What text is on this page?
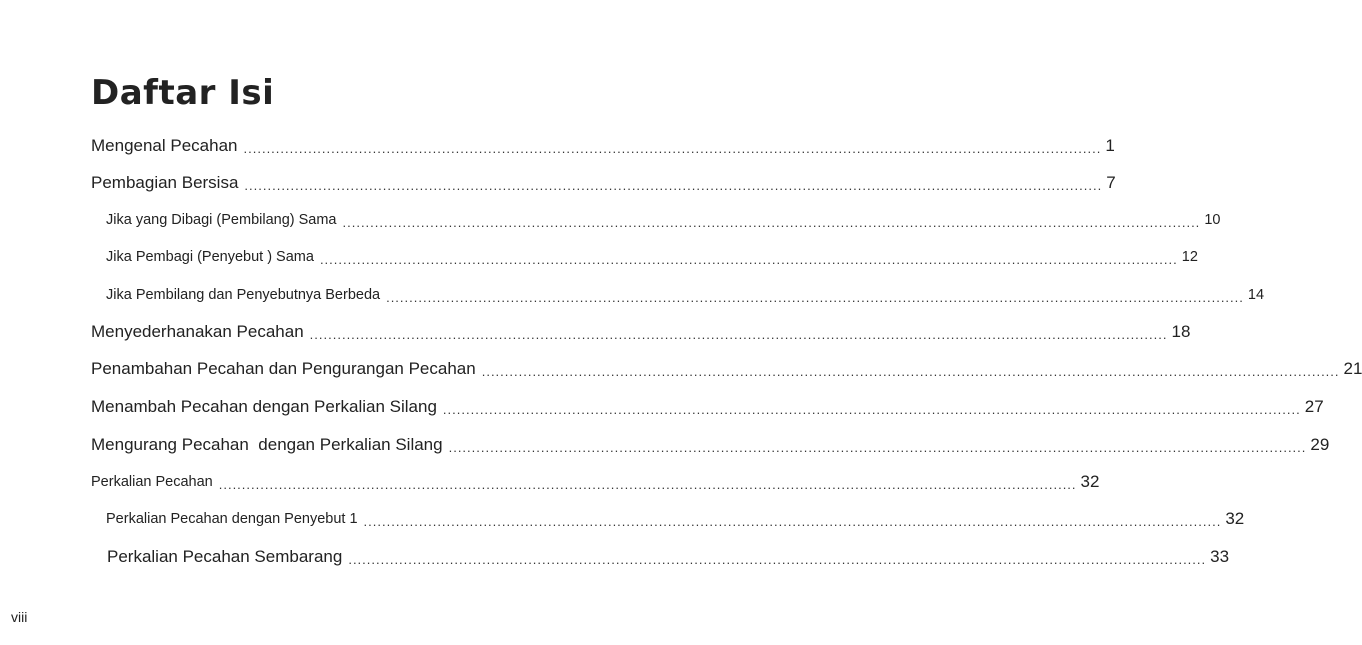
Daftar Isi
Mengenal Pecahan .......................................................................................................................................................................................... 1
Pembagian Bersisa .......................................................................................................................................................................................... 7
Jika yang Dibagi (Pembilang) Sama .......................................................................................................................................................................................... 10
Jika Pembagi (Penyebut ) Sama .......................................................................................................................................................................................... 12
Jika Pembilang dan Penyebutnya Berbeda .......................................................................................................................................................................................... 14
Menyederhanakan Pecahan .......................................................................................................................................................................................... 18
Penambahan Pecahan dan Pengurangan Pecahan .......................................................................................................................................................................................... 21
Menambah Pecahan dengan Perkalian Silang .......................................................................................................................................................................................... 27
Mengurang Pecahan  dengan Perkalian Silang .......................................................................................................................................................................................... 29
Perkalian Pecahan .......................................................................................................................................................................................... 32
Perkalian Pecahan dengan Penyebut 1 .......................................................................................................................................................................................... 32
Perkalian Pecahan Sembarang .......................................................................................................................................................................................... 33
viii
